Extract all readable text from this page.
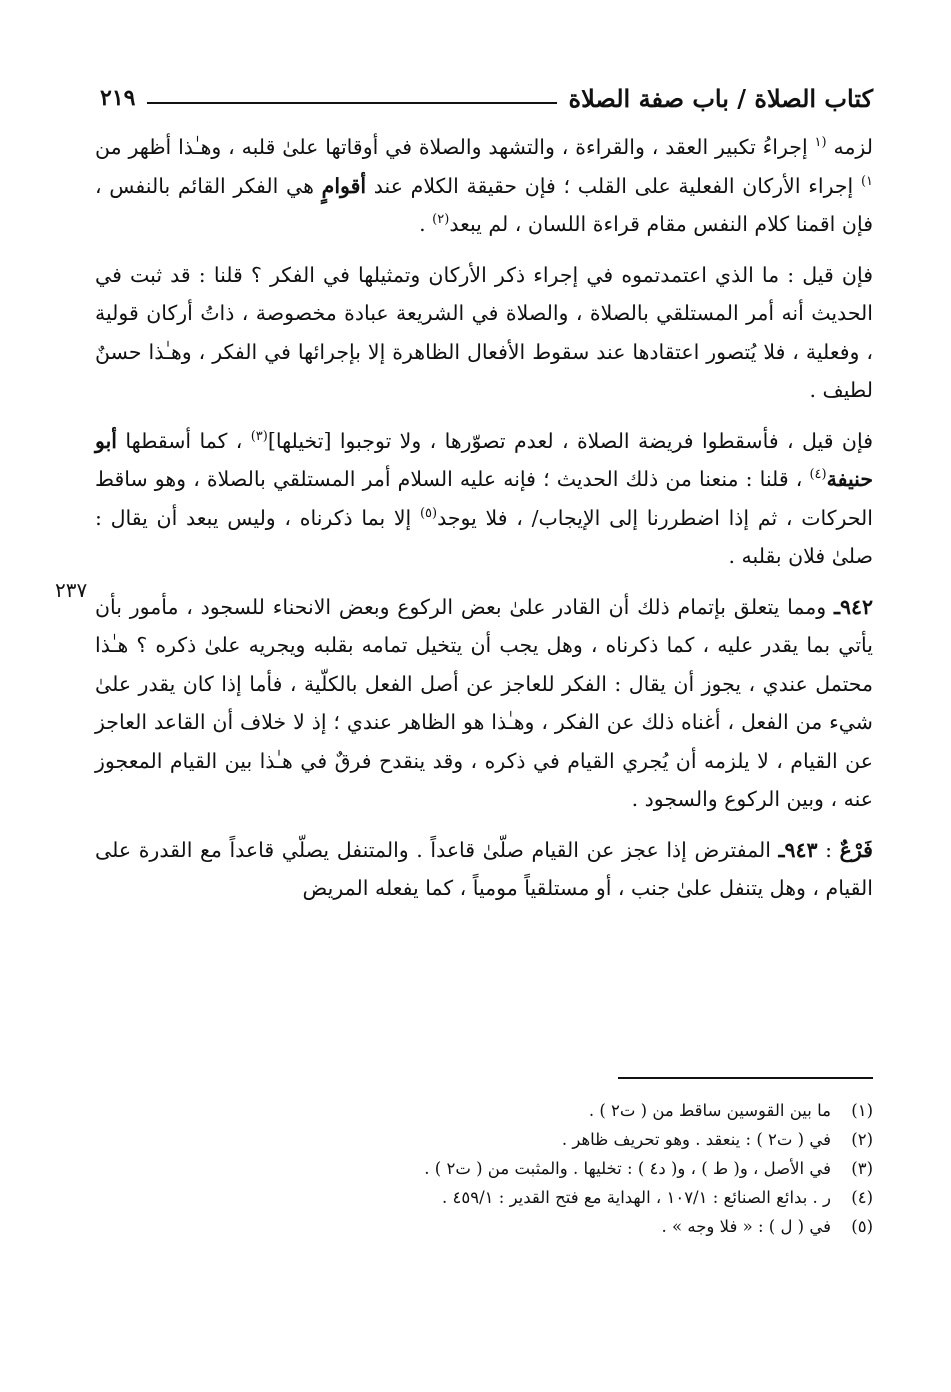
كتاب الصلاة / باب صفة الصلاة
٢١٩

لزمه $^{(١}$ إجراءُ تكبير العقد ، والقراءة ، والتشهد والصلاة في أوقاتها علىٰ قلبه ، وهـٰذا أظهر من $^{١)}$ إجراء الأركان الفعلية على القلب ؛ فإن حقيقة الكلام عند أقوامٍ هي الفكر القائم بالنفس ، فإن اقمنا كلام النفس مقام قراءة اللسان ، لم يبعد$^{(٢)}$ .

فإن قيل : ما الذي اعتمدتموه في إجراء ذكر الأركان وتمثيلها في الفكر ؟ قلنا : قد ثبت في الحديث أنه أمر المستلقي بالصلاة ، والصلاة في الشريعة عبادة مخصوصة ، ذاتُ أركان قولية ، وفعلية ، فلا يُتصور اعتقادها عند سقوط الأفعال الظاهرة إلا بإجرائها في الفكر ، وهـٰذا حسنٌ لطيف .

فإن قيل ، فأسقطوا فريضة الصلاة ، لعدم تصوّرها ، ولا توجبوا [تخيلها]$^{(٣)}$ ، كما أسقطها أبو حنيفة$^{(٤)}$ ، قلنا : منعنا من ذلك الحديث ؛ فإنه عليه السلام أمر المستلقي بالصلاة ، وهو ساقط الحركات ، ثم إذا اضطررنا إلى الإيجاب/ ، فلا يوجد$^{(٥)}$ إلا بما ذكرناه ، وليس يبعد أن يقال : صلىٰ فلان بقلبه .

٩٤٢ـ ومما يتعلق بإتمام ذلك أن القادر علىٰ بعض الركوع وبعض الانحناء للسجود ، مأمور بأن يأتي بما يقدر عليه ، كما ذكرناه ، وهل يجب أن يتخيل تمامه بقلبه ويجريه علىٰ ذكره ؟ هـٰذا محتمل عندي ، يجوز أن يقال : الفكر للعاجز عن أصل الفعل بالكلّية ، فأما إذا كان يقدر علىٰ شيء من الفعل ، أغناه ذلك عن الفكر ، وهـٰذا هو الظاهر عندي ؛ إذ لا خلاف أن القاعد العاجز عن القيام ، لا يلزمه أن يُجري القيام في ذكره ، وقد ينقدح فرقٌ في هـٰذا بين القيام المعجوز عنه ، وبين الركوع والسجود .

فَرْعٌ : ٩٤٣ـ المفترض إذا عجز عن القيام صلّىٰ قاعداً . والمتنفل يصلّي قاعداً مع القدرة على القيام ، وهل يتنفل علىٰ جنب ، أو مستلقياً مومياً ، كما يفعله المريض

٢٣٧
(١)
ما بين القوسين ساقط من ( ت٢ ) .
(٢)
في ( ت٢ ) : ينعقد . وهو تحريف ظاهر .
(٣)
في الأصل ، و( ط ) ، و( د٤ ) : تخليها . والمثبت من ( ت٢ ) .
(٤)
ر . بدائع الصنائع : ١٠٧/١ ، الهداية مع فتح القدير : ٤٥٩/١ .
(٥)
في ( ل ) : « فلا وجه » .
